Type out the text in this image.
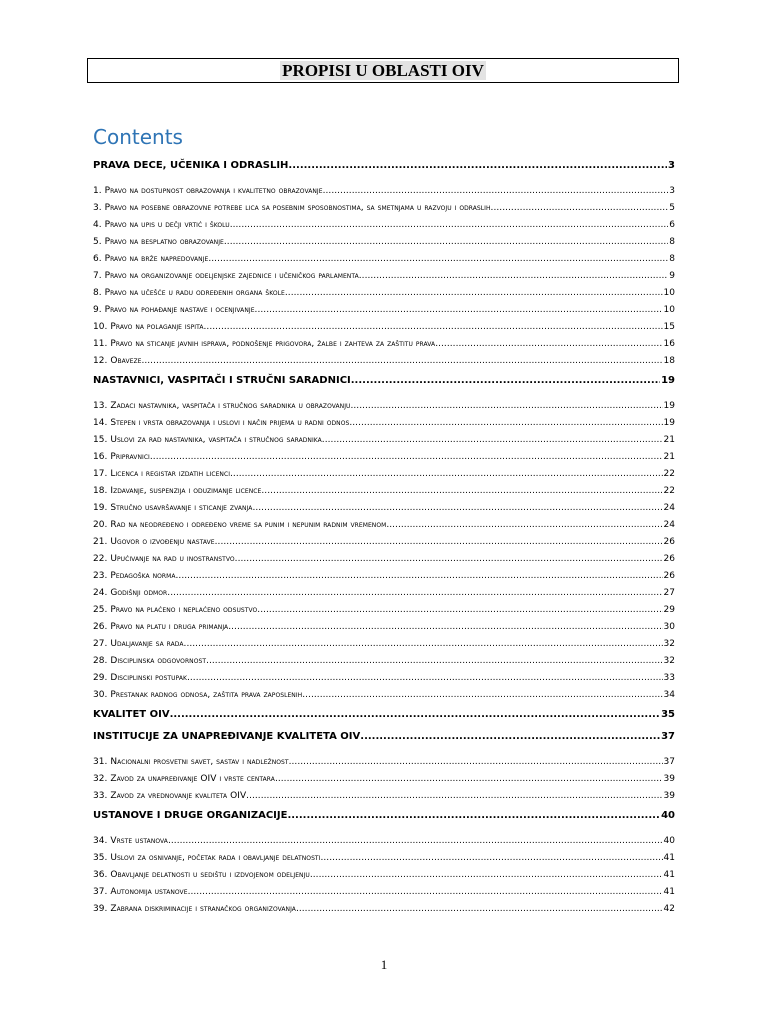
PROPISI U OBLASTI OIV
Contents
PRAVA DECE, UČENIKA I ODRASLIH .....	3
1. Pravo na dostupnost obrazovanja i kvalitetno obrazovanje .....	3
3. Pravo na posebne obrazovne potrebe lica sa posebnim sposobnostima, sa smetnjama u razvoju i odraslih .....	5
4. Pravo na upis u dečji vrtić i školu .....	6
5. Pravo na besplatno obrazovanje .....	8
6. Pravo na brže napredovanje .....	8
7. Pravo na organizovanje odeljenjske zajednice i učeničkog parlamenta .....	9
8. Pravo na učešće u radu određenih organa škole .....	10
9. Pravo na pohađanje nastave i ocenjivanje .....	10
10. Pravo na polaganje ispita .....	15
11. Pravo na sticanje javnih isprava, podnošenje prigovora, žalbe i zahteva za zaštitu prava .....	16
12. Obaveze .....	18
NASTAVNICI, VASPITAČI I STRUČNI SARADNICI .....	19
13. Zadaci nastavnika, vaspitača i stručnog saradnika u obrazovanju .....	19
14. Stepen i vrsta obrazovanja i uslovi i način prijema u radni odnos .....	19
15. Uslovi za rad nastavnika, vaspitača i stručnog saradnika .....	21
16. Pripravnici .....	21
17. Licenca i registar izdatih licenci .....	22
18. Izdavanje, suspenzija i oduzimanje licence .....	22
19. Stručno usavršavanje i sticanje zvanja .....	24
20. Rad na neodređeno i određeno vreme sa punim i nepunim radnim vremenom .....	24
21. Ugovor o izvođenju nastave .....	26
22. Upućivanje na rad u inostranstvo .....	26
23. Pedagoška norma .....	26
24. Godišnji odmor .....	27
25. Pravo na plaćeno i neplaćeno odsustvo .....	29
26. Pravo na platu i druga primanja .....	30
27. Udaljavanje sa rada .....	32
28. Disciplinska odgovornost .....	32
29. Disciplinski postupak .....	33
30. Prestanak radnog odnosa, zaštita prava zaposlenih .....	34
KVALITET OIV .....	35
INSTITUCIJE ZA UNAPREĐIVANJE KVALITETA OIV .....	37
31. Nacionalni prosvetni savet, sastav i nadležnost .....	37
32. Zavod za unapređivanje OIV i vrste centara .....	39
33. Zavod za vrednovanje kvaliteta OIV .....	39
USTANOVE I DRUGE ORGANIZACIJE .....	40
34. Vrste ustanova .....	40
35. Uslovi za osnivanje, početak rada i obavljanje delatnosti .....	41
36. Obavljanje delatnosti u sedištu i izdvojenom odeljenju .....	41
37. Autonomija ustanove .....	41
39. Zabrana diskriminacije i stranačkog organizovanja .....	42
1
